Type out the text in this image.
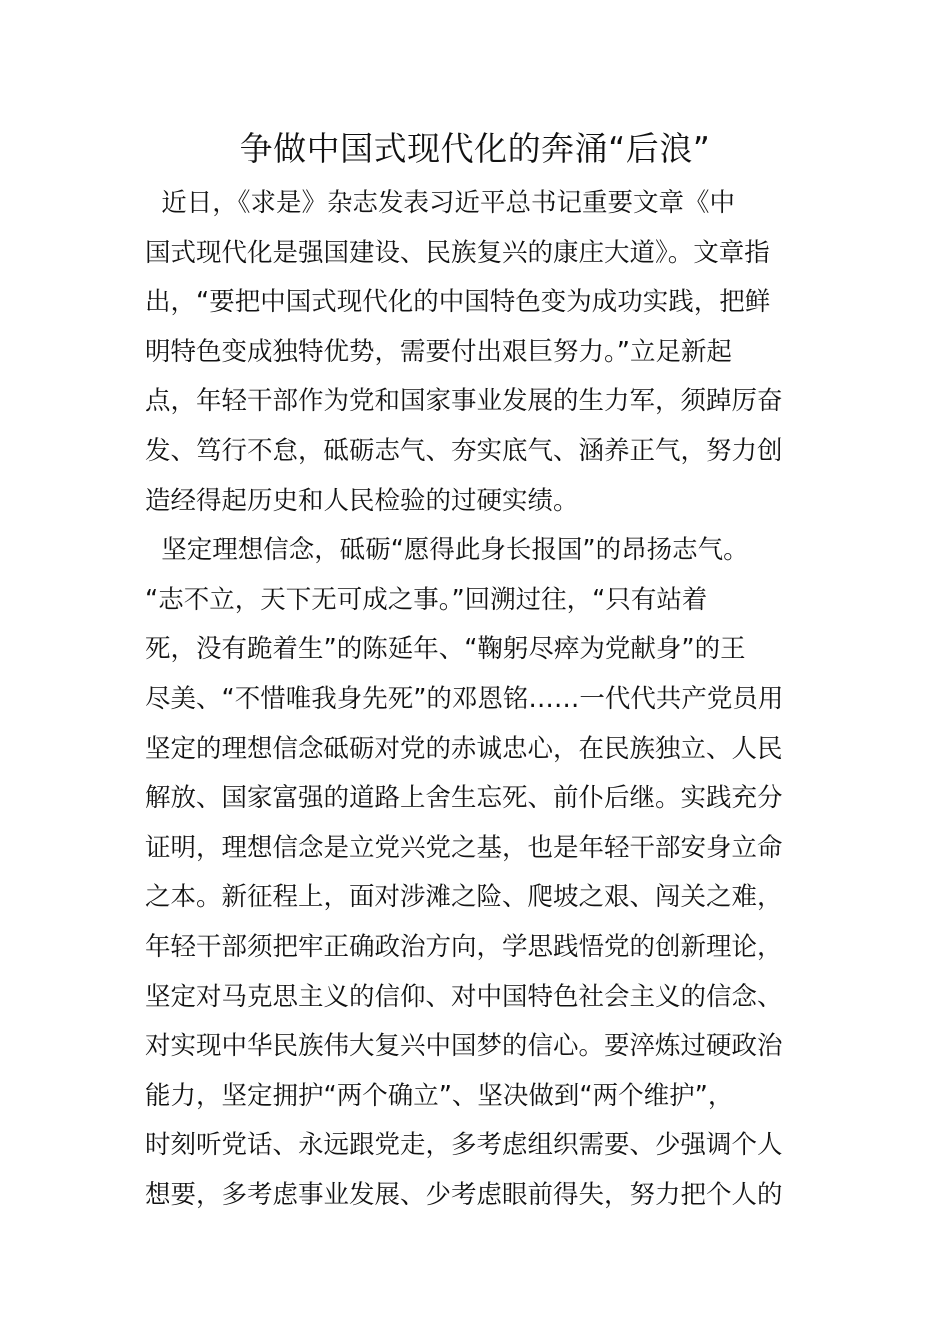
争做中国式现代化的奔涌“后浪”
近日，《求是》杂志发表习近平总书记重要文章《中
国式现代化是强国建设、民族复兴的康庄大道》。文章指
出，“要把中国式现代化的中国特色变为成功实践，把鲜
明特色变成独特优势，需要付出艰巨努力。”立足新起
点，年轻干部作为党和国家事业发展的生力军，须踔厉奋
发、笃行不怠，砥砺志气、夯实底气、涵养正气，努力创
造经得起历史和人民检验的过硬实绩。
坚定理想信念，砥砺“愿得此身长报国”的昂扬志气。
“志不立，天下无可成之事。”回溯过往，“只有站着
死，没有跪着生”的陈延年、“鞠躬尽瘁为党献身”的王
尽美、“不惜唯我身先死”的邓恩铭……一代代共产党员用
坚定的理想信念砥砺对党的赤诚忠心，在民族独立、人民
解放、国家富强的道路上舍生忘死、前仆后继。实践充分
证明，理想信念是立党兴党之基，也是年轻干部安身立命
之本。新征程上，面对涉滩之险、爬坡之艰、闯关之难，
年轻干部须把牢正确政治方向，学思践悟党的创新理论，
坚定对马克思主义的信仰、对中国特色社会主义的信念、
对实现中华民族伟大复兴中国梦的信心。要淬炼过硬政治
能力，坚定拥护“两个确立”、坚决做到“两个维护”，
时刻听党话、永远跟党走，多考虑组织需要、少强调个人
想要，多考虑事业发展、少考虑眼前得失，努力把个人的
